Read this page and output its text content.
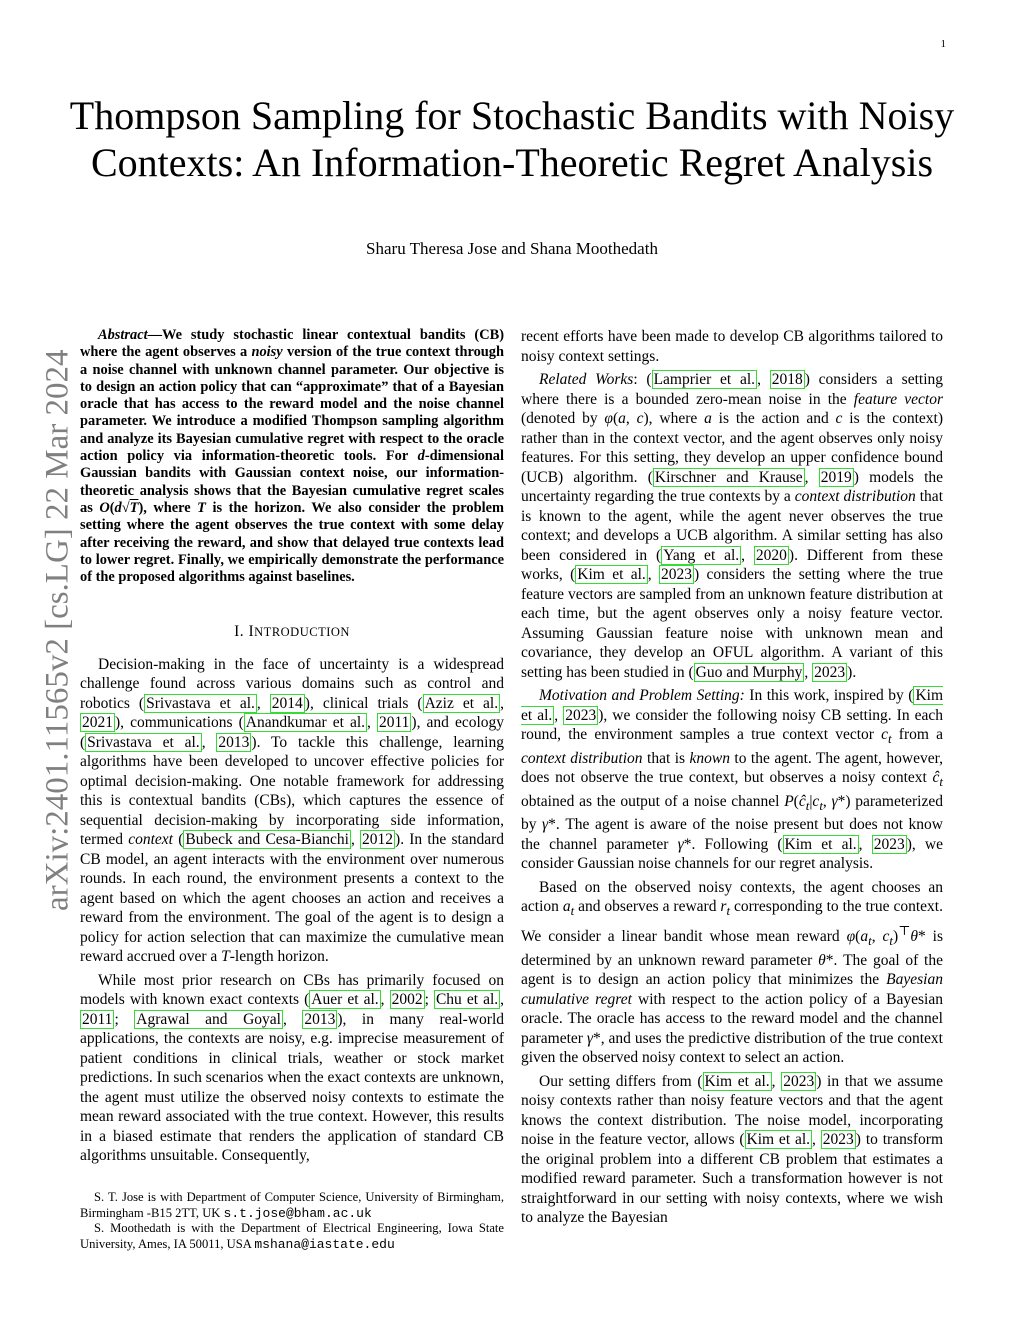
1
Thompson Sampling for Stochastic Bandits with Noisy Contexts: An Information-Theoretic Regret Analysis
Sharu Theresa Jose and Shana Moothedath
arXiv:2401.11565v2 [cs.LG] 22 Mar 2024

Abstract—We study stochastic linear contextual bandits (CB) where the agent observes a noisy version of the true context through a noise channel with unknown channel parameter. Our objective is to design an action policy that can “approximate” that of a Bayesian oracle that has access to the reward model and the noise channel parameter. We introduce a modified Thompson sampling algorithm and analyze its Bayesian cumulative regret with respect to the oracle action policy via information-theoretic tools. For d-dimensional Gaussian bandits with Gaussian context noise, our information-theoretic analysis shows that the Bayesian cumulative regret scales as O(d√T), where T is the horizon. We also consider the problem setting where the agent observes the true context with some delay after receiving the reward, and show that delayed true contexts lead to lower regret. Finally, we empirically demonstrate the performance of the proposed algorithms against baselines.

I. INTRODUCTION

Decision-making in the face of uncertainty is a widespread challenge found across various domains such as control and robotics ( Srivastava et al. , 2014 ), clinical trials ( Aziz et al. , 2021 ), communications ( Anandkumar et al. , 2011 ), and ecology ( Srivastava et al. , 2013 ). To tackle this challenge, learning algorithms have been developed to uncover effective policies for optimal decision-making. One notable framework for addressing this is contextual bandits (CBs), which captures the essence of sequential decision-making by incorporating side information, termed context ( Bubeck and Cesa-Bianchi , 2012 ). In the standard CB model, an agent interacts with the environment over numerous rounds. In each round, the environment presents a context to the agent based on which the agent chooses an action and receives a reward from the environment. The goal of the agent is to design a policy for action selection that can maximize the cumulative mean reward accrued over a T-length horizon.

While most prior research on CBs has primarily focused on models with known exact contexts ( Auer et al. , 2002 ; Chu et al. , 2011 ; Agrawal and Goyal , 2013 ), in many real-world applications, the contexts are noisy, e.g. imprecise measurement of patient conditions in clinical trials, weather or stock market predictions. In such scenarios when the exact contexts are unknown, the agent must utilize the observed noisy contexts to estimate the mean reward associated with the true context. However, this results in a biased estimate that renders the application of standard CB algorithms unsuitable. Consequently,

S. T. Jose is with Department of Computer Science, University of Birmingham, Birmingham -B15 2TT, UK s.t.jose@bham.ac.uk

S. Moothedath is with the Department of Electrical Engineering, Iowa State University, Ames, IA 50011, USA mshana@iastate.edu

recent efforts have been made to develop CB algorithms tailored to noisy context settings.

Related Works: ( Lamprier et al. , 2018 ) considers a setting where there is a bounded zero-mean noise in the feature vector (denoted by φ(a, c), where a is the action and c is the context) rather than in the context vector, and the agent observes only noisy features. For this setting, they develop an upper confidence bound (UCB) algorithm. ( Kirschner and Krause , 2019 ) models the uncertainty regarding the true contexts by a context distribution that is known to the agent, while the agent never observes the true context; and develops a UCB algorithm. A similar setting has also been considered in ( Yang et al. , 2020 ). Different from these works, ( Kim et al. , 2023 ) considers the setting where the true feature vectors are sampled from an unknown feature distribution at each time, but the agent observes only a noisy feature vector. Assuming Gaussian feature noise with unknown mean and covariance, they develop an OFUL algorithm. A variant of this setting has been studied in ( Guo and Murphy , 2023 ).

Motivation and Problem Setting: In this work, inspired by ( Kim et al. , 2023 ), we consider the following noisy CB setting. In each round, the environment samples a true context vector $c_t$ from a context distribution that is known to the agent. The agent, however, does not observe the true context, but observes a noisy context $ĉ_t$ obtained as the output of a noise channel $P(ĉ_t|c_t$, γ*) parameterized by γ*. The agent is aware of the noise present but does not know the channel parameter γ*. Following ( Kim et al. , 2023 ), we consider Gaussian noise channels for our regret analysis.

Based on the observed noisy contexts, the agent chooses an action $a_t$ and observes a reward $r_t$ corresponding to the true context. We consider a linear bandit whose mean reward $\varphi(a_t$, $c_t)^⊤\theta*$ is determined by an unknown reward parameter θ*. The goal of the agent is to design an action policy that minimizes the Bayesian cumulative regret with respect to the action policy of a Bayesian oracle. The oracle has access to the reward model and the channel parameter γ*, and uses the predictive distribution of the true context given the observed noisy context to select an action.

Our setting differs from ( Kim et al. , 2023 ) in that we assume noisy contexts rather than noisy feature vectors and that the agent knows the context distribution. The noise model, incorporating noise in the feature vector, allows ( Kim et al. , 2023 ) to transform the original problem into a different CB problem that estimates a modified reward parameter. Such a transformation however is not straightforward in our setting with noisy contexts, where we wish to analyze the Bayesian
